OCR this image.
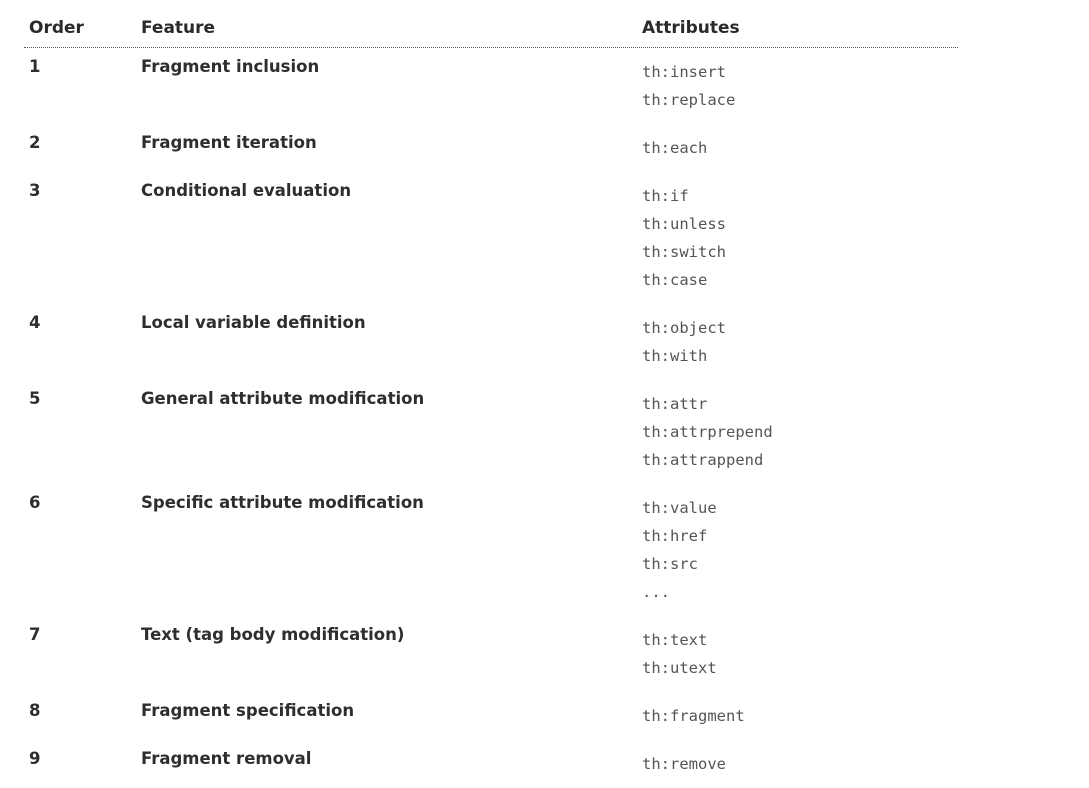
Order	Feature	Attributes
1	Fragment inclusion	th:insert
th:replace
2	Fragment iteration	th:each
3	Conditional evaluation	th:if
th:unless
th:switch
th:case
4	Local variable definition	th:object
th:with
5	General attribute modification	th:attr
th:attrprepend
th:attrappend
6	Specific attribute modification	th:value
th:href
th:src
...
7	Text (tag body modification)	th:text
th:utext
8	Fragment specification	th:fragment
9	Fragment removal	th:remove
